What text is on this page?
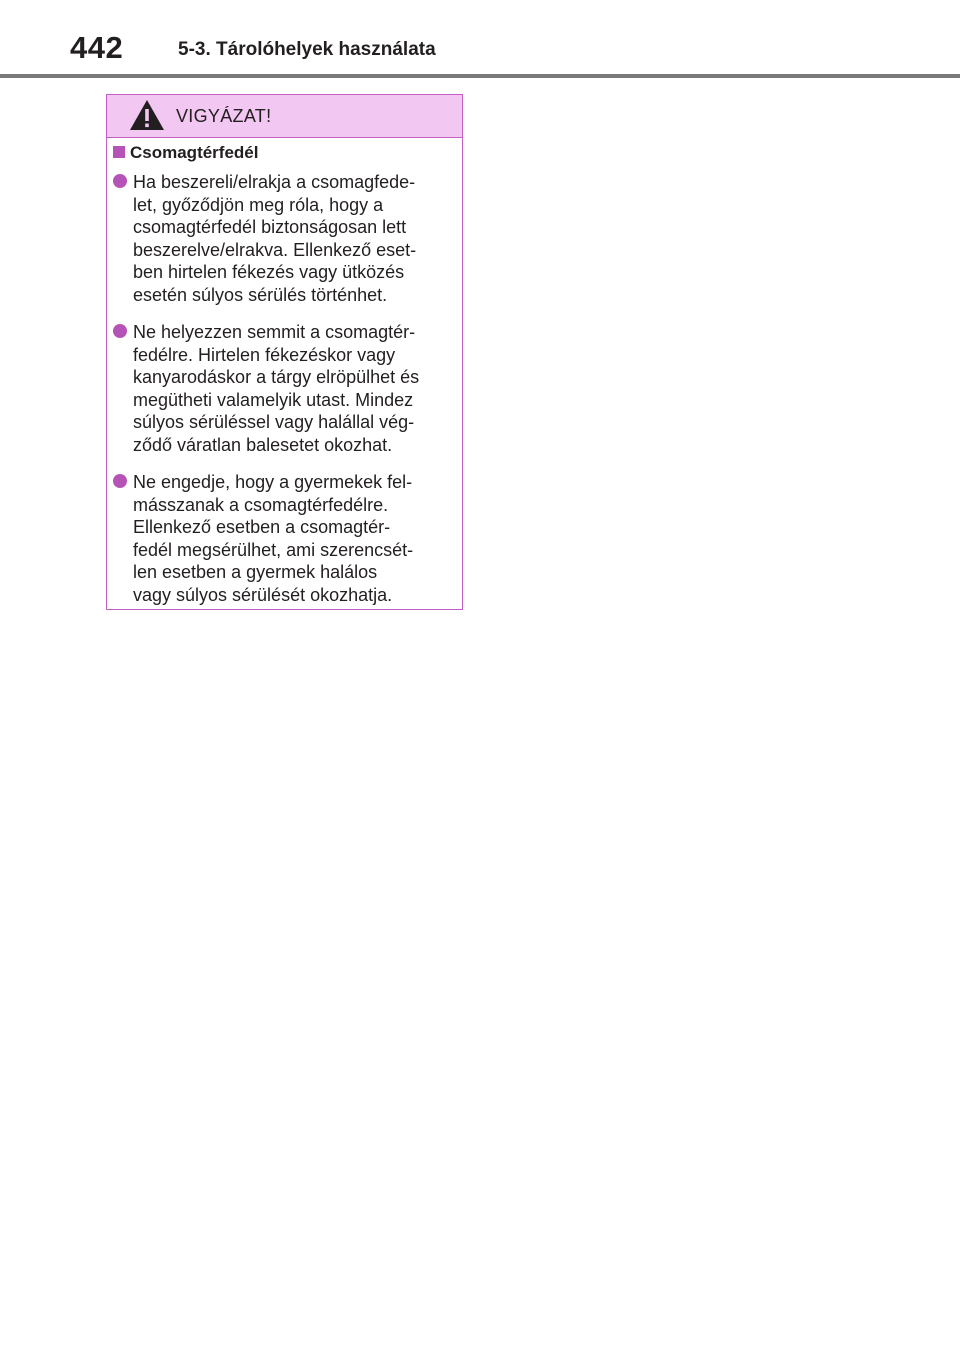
442	5-3. Tárolóhelyek használata
VIGYÁZAT!
Csomagtérfedél
Ha beszereli/elrakja a csomagfede-
let, győződjön meg róla, hogy a
csomagtérfedél biztonságosan lett
beszerelve/elrakva. Ellenkező eset-
ben hirtelen fékezés vagy ütközés
esetén súlyos sérülés történhet.
Ne helyezzen semmit a csomagtér-
fedélre. Hirtelen fékezéskor vagy
kanyarodáskor a tárgy elröpülhet és
megütheti valamelyik utast. Mindez
súlyos sérüléssel vagy halállal vég-
ződő váratlan balesetet okozhat.
Ne engedje, hogy a gyermekek fel-
másszanak a csomagtérfedélre.
Ellenkező esetben a csomagtér-
fedél megsérülhet, ami szerencsét-
len esetben a gyermek halálos
vagy súlyos sérülését okozhatja.
